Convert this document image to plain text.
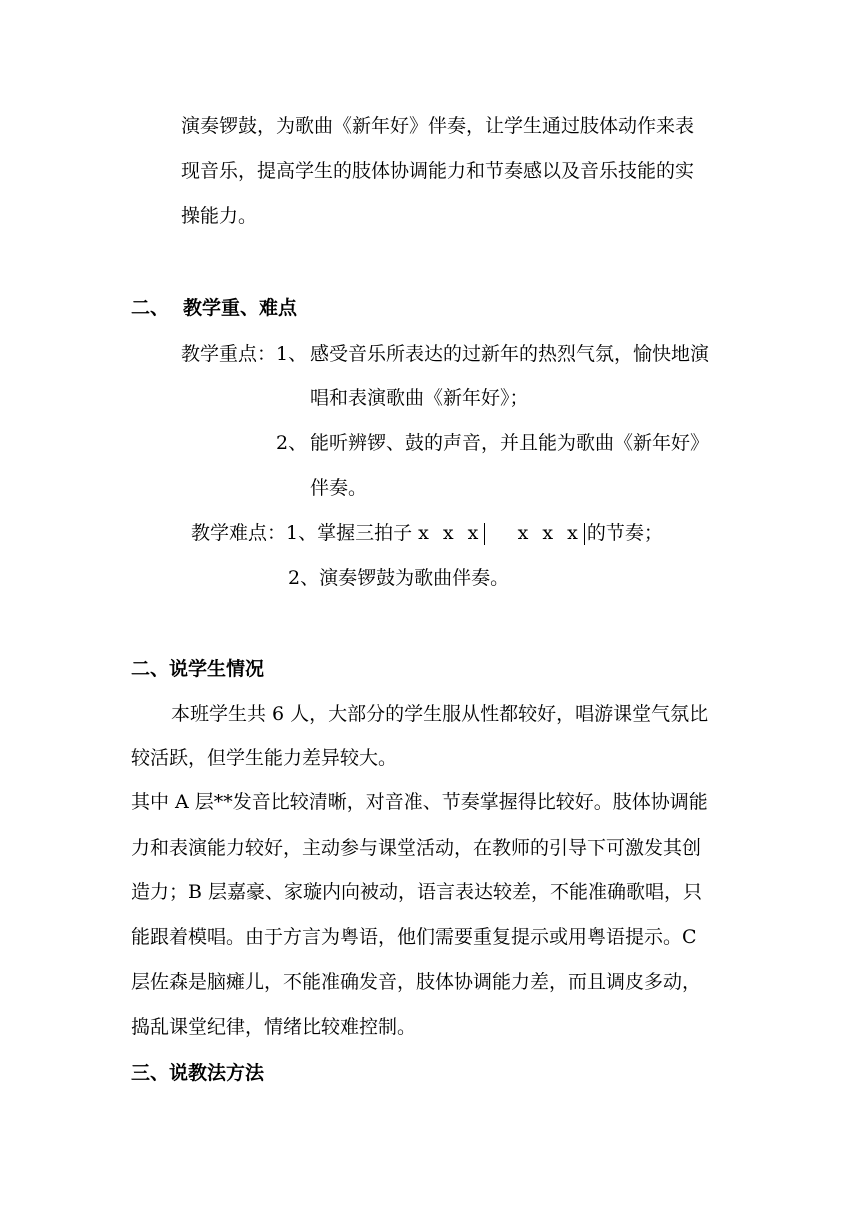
演奏锣鼓，为歌曲《新年好》伴奏，让学生通过肢体动作来表

现音乐，提高学生的肢体协调能力和节奏感以及音乐技能的实

操能力。

二、 教学重、难点

教学重点： 1、 感受音乐所表达的过新年的热烈气氛，愉快地演

唱和表演歌曲《新年好》；

2、 能听辨锣、鼓的声音，并且能为歌曲《新年好》

伴奏。

教学难点：1、掌握三拍子 x x x x x x 的节奏；

2、演奏锣鼓为歌曲伴奏。

二、说学生情况

本班学生共 6 人，大部分的学生服从性都较好，唱游课堂气氛比

较活跃，但学生能力差异较大。

其中 A 层**发音比较清晰，对音准、节奏掌握得比较好。肢体协调能

力和表演能力较好，主动参与课堂活动，在教师的引导下可激发其创

造力；B 层嘉豪、家璇内向被动，语言表达较差，不能准确歌唱，只

能跟着模唱。由于方言为粤语，他们需要重复提示或用粤语提示。C

层佐森是脑瘫儿，不能准确发音，肢体协调能力差，而且调皮多动，

捣乱课堂纪律，情绪比较难控制。

三、说教法方法
